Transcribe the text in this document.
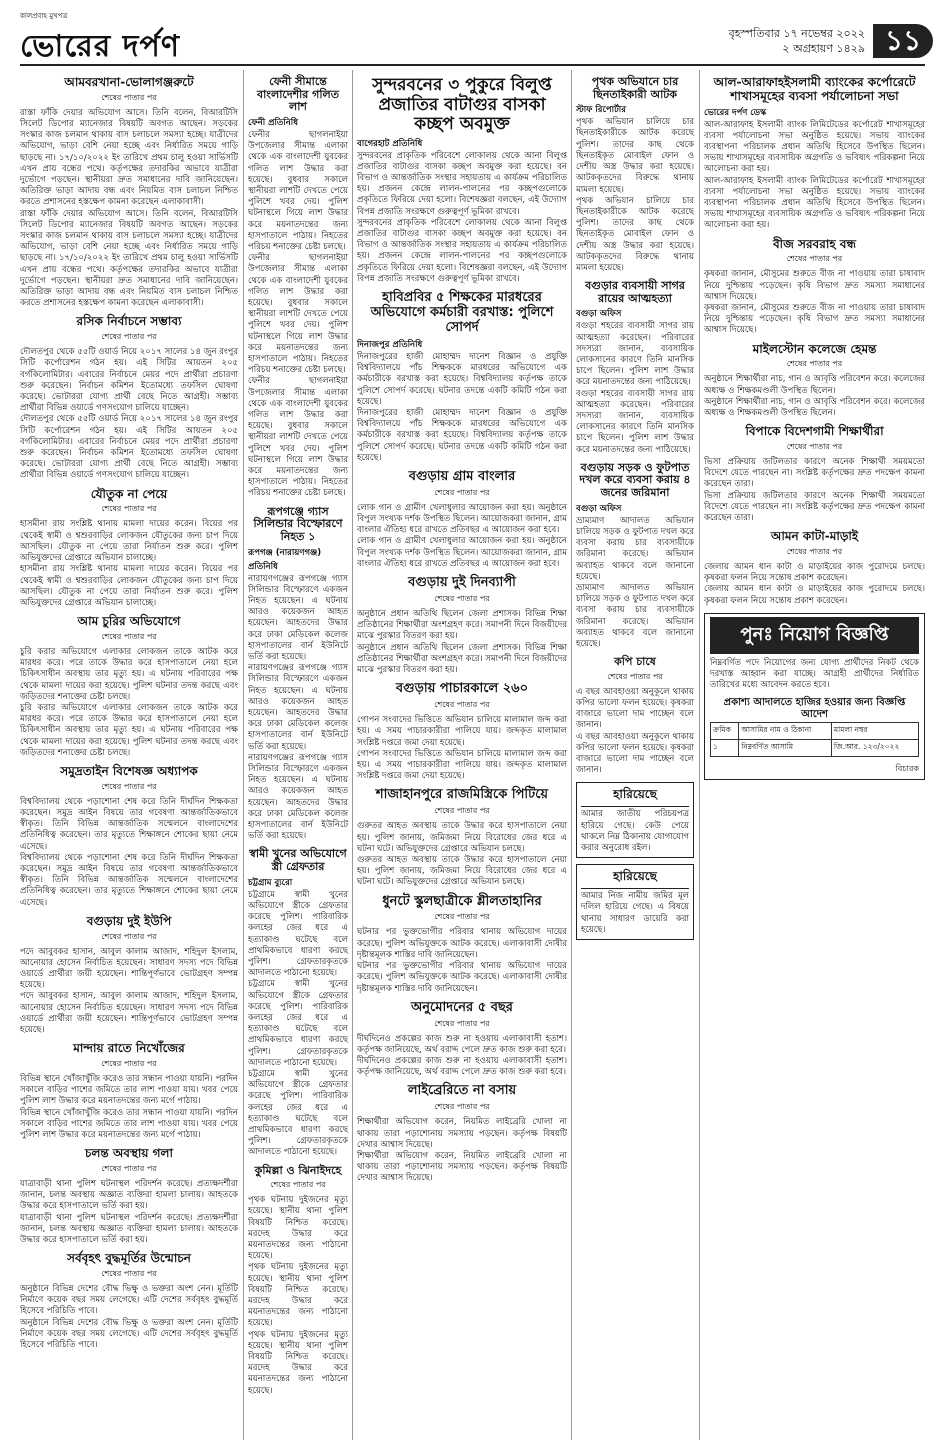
কালপ্রবাহ মুখপত্র
ভোরের দর্পণ	বৃহস্পতিবার ১৭ নভেম্বর ২০২২
২ অগ্রহায়ণ ১৪২৯ ১১
আমবরখানা-ভোলাগঞ্জরুটে
শেষের পাতার পর
রাস্তা ফাঁকি দেয়ার অভিযোগ আসে। তিনি বলেন, বিআরটিসি সিলেট ডিপোর ম্যানেজার বিষয়টি অবগত আছেন। সড়কের সংস্কার কাজ চলমান থাকায় বাস চলাচলে সমস্যা হচ্ছে। যাত্রীদের অভিযোগ, ভাড়া বেশি নেয়া হচ্ছে এবং নির্ধারিত সময়ে গাড়ি ছাড়ছে না। ১৭/১০/২০২২ ইং তারিখে প্রথম চালু হওয়া সার্ভিসটি এখন প্রায় বন্ধের পথে। কর্তৃপক্ষের তদারকির অভাবে যাত্রীরা দুর্ভোগে পড়ছেন। স্থানীয়রা দ্রুত সমাধানের দাবি জানিয়েছেন। অতিরিক্ত ভাড়া আদায় বন্ধ এবং নিয়মিত বাস চলাচল নিশ্চিত করতে প্রশাসনের হস্তক্ষেপ কামনা করেছেন এলাকাবাসী।
রাস্তা ফাঁকি দেয়ার অভিযোগ আসে। তিনি বলেন, বিআরটিসি সিলেট ডিপোর ম্যানেজার বিষয়টি অবগত আছেন। সড়কের সংস্কার কাজ চলমান থাকায় বাস চলাচলে সমস্যা হচ্ছে। যাত্রীদের অভিযোগ, ভাড়া বেশি নেয়া হচ্ছে এবং নির্ধারিত সময়ে গাড়ি ছাড়ছে না। ১৭/১০/২০২২ ইং তারিখে প্রথম চালু হওয়া সার্ভিসটি এখন প্রায় বন্ধের পথে। কর্তৃপক্ষের তদারকির অভাবে যাত্রীরা দুর্ভোগে পড়ছেন। স্থানীয়রা দ্রুত সমাধানের দাবি জানিয়েছেন। অতিরিক্ত ভাড়া আদায় বন্ধ এবং নিয়মিত বাস চলাচল নিশ্চিত করতে প্রশাসনের হস্তক্ষেপ কামনা করেছেন এলাকাবাসী।
রসিক নির্বাচনে সম্ভাব্য
শেষের পাতার পর
দৌলতপুর থেকে ৫৫টি ওয়ার্ড নিয়ে ২০১৭ সালের ১৪ জুন রংপুর সিটি কর্পোরেশন গঠন হয়। এই সিটির আয়তন ২০৫ বর্গকিলোমিটার। এবারের নির্বাচনে মেয়র পদে প্রার্থীরা প্রচারণা শুরু করেছেন। নির্বাচন কমিশন ইতোমধ্যে তফসিল ঘোষণা করেছে। ভোটাররা যোগ্য প্রার্থী বেছে নিতে আগ্রহী। সম্ভাব্য প্রার্থীরা বিভিন্ন ওয়ার্ডে গণসংযোগ চালিয়ে যাচ্ছেন।
দৌলতপুর থেকে ৫৫টি ওয়ার্ড নিয়ে ২০১৭ সালের ১৪ জুন রংপুর সিটি কর্পোরেশন গঠন হয়। এই সিটির আয়তন ২০৫ বর্গকিলোমিটার। এবারের নির্বাচনে মেয়র পদে প্রার্থীরা প্রচারণা শুরু করেছেন। নির্বাচন কমিশন ইতোমধ্যে তফসিল ঘোষণা করেছে। ভোটাররা যোগ্য প্রার্থী বেছে নিতে আগ্রহী। সম্ভাব্য প্রার্থীরা বিভিন্ন ওয়ার্ডে গণসংযোগ চালিয়ে যাচ্ছেন।
যৌতুক না পেয়ে
শেষের পাতার পর
হাসমীনা রায় সংশ্লিষ্ট থানায় মামলা দায়ের করেন। বিয়ের পর থেকেই স্বামী ও শ্বশুরবাড়ির লোকজন যৌতুকের জন্য চাপ দিয়ে আসছিল। যৌতুক না পেয়ে তারা নির্যাতন শুরু করে। পুলিশ অভিযুক্তদের গ্রেপ্তারে অভিযান চালাচ্ছে।
হাসমীনা রায় সংশ্লিষ্ট থানায় মামলা দায়ের করেন। বিয়ের পর থেকেই স্বামী ও শ্বশুরবাড়ির লোকজন যৌতুকের জন্য চাপ দিয়ে আসছিল। যৌতুক না পেয়ে তারা নির্যাতন শুরু করে। পুলিশ অভিযুক্তদের গ্রেপ্তারে অভিযান চালাচ্ছে।
আম চুরির অভিযোগে
শেষের পাতার পর
চুরি করার অভিযোগে এলাকার লোকজন তাকে আটক করে মারধর করে। পরে তাকে উদ্ধার করে হাসপাতালে নেয়া হলে চিকিৎসাধীন অবস্থায় তার মৃত্যু হয়। এ ঘটনায় পরিবারের পক্ষ থেকে মামলা দায়ের করা হয়েছে। পুলিশ ঘটনার তদন্ত করছে এবং জড়িতদের শনাক্তের চেষ্টা চলছে।
চুরি করার অভিযোগে এলাকার লোকজন তাকে আটক করে মারধর করে। পরে তাকে উদ্ধার করে হাসপাতালে নেয়া হলে চিকিৎসাধীন অবস্থায় তার মৃত্যু হয়। এ ঘটনায় পরিবারের পক্ষ থেকে মামলা দায়ের করা হয়েছে। পুলিশ ঘটনার তদন্ত করছে এবং জড়িতদের শনাক্তের চেষ্টা চলছে।
সমুদ্রতাইন বিশেষজ্ঞ অধ্যাপক
শেষের পাতার পর
বিশ্ববিদ্যালয় থেকে পড়াশোনা শেষ করে তিনি দীর্ঘদিন শিক্ষকতা করেছেন। সমুদ্র আইন বিষয়ে তার গবেষণা আন্তর্জাতিকভাবে স্বীকৃত। তিনি বিভিন্ন আন্তর্জাতিক সম্মেলনে বাংলাদেশের প্রতিনিধিত্ব করেছেন। তার মৃত্যুতে শিক্ষাঙ্গনে শোকের ছায়া নেমে এসেছে।
বিশ্ববিদ্যালয় থেকে পড়াশোনা শেষ করে তিনি দীর্ঘদিন শিক্ষকতা করেছেন। সমুদ্র আইন বিষয়ে তার গবেষণা আন্তর্জাতিকভাবে স্বীকৃত। তিনি বিভিন্ন আন্তর্জাতিক সম্মেলনে বাংলাদেশের প্রতিনিধিত্ব করেছেন। তার মৃত্যুতে শিক্ষাঙ্গনে শোকের ছায়া নেমে এসেছে।
বগুড়ায় দুই ইউপি
শেষের পাতার পর
পদে আবুবকর হাসান, আবুল কালাম আজাদ, শহিদুল ইসলাম, আনোয়ার হোসেন নির্বাচিত হয়েছেন। সাধারণ সদস্য পদে বিভিন্ন ওয়ার্ডে প্রার্থীরা জয়ী হয়েছেন। শান্তিপূর্ণভাবে ভোটগ্রহণ সম্পন্ন হয়েছে।
পদে আবুবকর হাসান, আবুল কালাম আজাদ, শহিদুল ইসলাম, আনোয়ার হোসেন নির্বাচিত হয়েছেন। সাধারণ সদস্য পদে বিভিন্ন ওয়ার্ডে প্রার্থীরা জয়ী হয়েছেন। শান্তিপূর্ণভাবে ভোটগ্রহণ সম্পন্ন হয়েছে।
মান্দায় রাতে নিখোঁজের
শেষের পাতার পর
বিভিন্ন স্থানে খোঁজাখুঁজি করেও তার সন্ধান পাওয়া যায়নি। পরদিন সকালে বাড়ির পাশের জমিতে তার লাশ পাওয়া যায়। খবর পেয়ে পুলিশ লাশ উদ্ধার করে ময়নাতদন্তের জন্য মর্গে পাঠায়।
বিভিন্ন স্থানে খোঁজাখুঁজি করেও তার সন্ধান পাওয়া যায়নি। পরদিন সকালে বাড়ির পাশের জমিতে তার লাশ পাওয়া যায়। খবর পেয়ে পুলিশ লাশ উদ্ধার করে ময়নাতদন্তের জন্য মর্গে পাঠায়।
চলন্ত অবস্থায় গলা
শেষের পাতার পর
যাত্রাবাড়ী থানা পুলিশ ঘটনাস্থল পরিদর্শন করেছে। প্রত্যক্ষদর্শীরা জানান, চলন্ত অবস্থায় অজ্ঞাত ব্যক্তিরা হামলা চালায়। আহতকে উদ্ধার করে হাসপাতালে ভর্তি করা হয়।
যাত্রাবাড়ী থানা পুলিশ ঘটনাস্থল পরিদর্শন করেছে। প্রত্যক্ষদর্শীরা জানান, চলন্ত অবস্থায় অজ্ঞাত ব্যক্তিরা হামলা চালায়। আহতকে উদ্ধার করে হাসপাতালে ভর্তি করা হয়।
সর্ববৃহৎ বুদ্ধমূর্তির উন্মোচন
শেষের পাতার পর
অনুষ্ঠানে বিভিন্ন দেশের বৌদ্ধ ভিক্ষু ও ভক্তরা অংশ নেন। মূর্তিটি নির্মাণে কয়েক বছর সময় লেগেছে। এটি দেশের সর্ববৃহৎ বুদ্ধমূর্তি হিসেবে পরিচিতি পাবে।
অনুষ্ঠানে বিভিন্ন দেশের বৌদ্ধ ভিক্ষু ও ভক্তরা অংশ নেন। মূর্তিটি নির্মাণে কয়েক বছর সময় লেগেছে। এটি দেশের সর্ববৃহৎ বুদ্ধমূর্তি হিসেবে পরিচিতি পাবে।
ফেনী সীমান্তে বাংলাদেশীর গলিত লাশ
ফেনী প্রতিনিধি
ফেনীর ছাগলনাইয়া উপজেলার সীমান্ত এলাকা থেকে এক বাংলাদেশী যুবকের গলিত লাশ উদ্ধার করা হয়েছে। বুধবার সকালে স্থানীয়রা লাশটি দেখতে পেয়ে পুলিশে খবর দেয়। পুলিশ ঘটনাস্থলে গিয়ে লাশ উদ্ধার করে ময়নাতদন্তের জন্য হাসপাতালে পাঠায়। নিহতের পরিচয় শনাক্তের চেষ্টা চলছে।
ফেনীর ছাগলনাইয়া উপজেলার সীমান্ত এলাকা থেকে এক বাংলাদেশী যুবকের গলিত লাশ উদ্ধার করা হয়েছে। বুধবার সকালে স্থানীয়রা লাশটি দেখতে পেয়ে পুলিশে খবর দেয়। পুলিশ ঘটনাস্থলে গিয়ে লাশ উদ্ধার করে ময়নাতদন্তের জন্য হাসপাতালে পাঠায়। নিহতের পরিচয় শনাক্তের চেষ্টা চলছে।
ফেনীর ছাগলনাইয়া উপজেলার সীমান্ত এলাকা থেকে এক বাংলাদেশী যুবকের গলিত লাশ উদ্ধার করা হয়েছে। বুধবার সকালে স্থানীয়রা লাশটি দেখতে পেয়ে পুলিশে খবর দেয়। পুলিশ ঘটনাস্থলে গিয়ে লাশ উদ্ধার করে ময়নাতদন্তের জন্য হাসপাতালে পাঠায়। নিহতের পরিচয় শনাক্তের চেষ্টা চলছে।
রূপগঞ্জে গ্যাস সিলিন্ডার বিস্ফোরণে নিহত ১
রূপগঞ্জ (নারায়ণগঞ্জ) প্রতিনিধি
নারায়ণগঞ্জের রূপগঞ্জে গ্যাস সিলিন্ডার বিস্ফোরণে একজন নিহত হয়েছেন। এ ঘটনায় আরও কয়েকজন আহত হয়েছেন। আহতদের উদ্ধার করে ঢাকা মেডিকেল কলেজ হাসপাতালের বার্ন ইউনিটে ভর্তি করা হয়েছে।
নারায়ণগঞ্জের রূপগঞ্জে গ্যাস সিলিন্ডার বিস্ফোরণে একজন নিহত হয়েছেন। এ ঘটনায় আরও কয়েকজন আহত হয়েছেন। আহতদের উদ্ধার করে ঢাকা মেডিকেল কলেজ হাসপাতালের বার্ন ইউনিটে ভর্তি করা হয়েছে।
নারায়ণগঞ্জের রূপগঞ্জে গ্যাস সিলিন্ডার বিস্ফোরণে একজন নিহত হয়েছেন। এ ঘটনায় আরও কয়েকজন আহত হয়েছেন। আহতদের উদ্ধার করে ঢাকা মেডিকেল কলেজ হাসপাতালের বার্ন ইউনিটে ভর্তি করা হয়েছে।
স্বামী খুনের অভিযোগে স্ত্রী গ্রেফতার
চট্টগ্রাম ব্যুরো
চট্টগ্রামে স্বামী খুনের অভিযোগে স্ত্রীকে গ্রেফতার করেছে পুলিশ। পারিবারিক কলহের জের ধরে এ হত্যাকাণ্ড ঘটেছে বলে প্রাথমিকভাবে ধারণা করছে পুলিশ। গ্রেফতারকৃতকে আদালতে পাঠানো হয়েছে।
চট্টগ্রামে স্বামী খুনের অভিযোগে স্ত্রীকে গ্রেফতার করেছে পুলিশ। পারিবারিক কলহের জের ধরে এ হত্যাকাণ্ড ঘটেছে বলে প্রাথমিকভাবে ধারণা করছে পুলিশ। গ্রেফতারকৃতকে আদালতে পাঠানো হয়েছে।
চট্টগ্রামে স্বামী খুনের অভিযোগে স্ত্রীকে গ্রেফতার করেছে পুলিশ। পারিবারিক কলহের জের ধরে এ হত্যাকাণ্ড ঘটেছে বলে প্রাথমিকভাবে ধারণা করছে পুলিশ। গ্রেফতারকৃতকে আদালতে পাঠানো হয়েছে।
কুমিল্লা ও ঝিনাইদহে
শেষের পাতার পর
পৃথক ঘটনায় দুইজনের মৃত্যু হয়েছে। স্থানীয় থানা পুলিশ বিষয়টি নিশ্চিত করেছে। মরদেহ উদ্ধার করে ময়নাতদন্তের জন্য পাঠানো হয়েছে।
পৃথক ঘটনায় দুইজনের মৃত্যু হয়েছে। স্থানীয় থানা পুলিশ বিষয়টি নিশ্চিত করেছে। মরদেহ উদ্ধার করে ময়নাতদন্তের জন্য পাঠানো হয়েছে।
পৃথক ঘটনায় দুইজনের মৃত্যু হয়েছে। স্থানীয় থানা পুলিশ বিষয়টি নিশ্চিত করেছে। মরদেহ উদ্ধার করে ময়নাতদন্তের জন্য পাঠানো হয়েছে।
সুন্দরবনের ৩ পুকুরে বিলুপ্ত প্রজাতির বাটাগুর বাসকা কচ্ছপ অবমুক্ত
বাগেরহাট প্রতিনিধি
সুন্দরবনের প্রাকৃতিক পরিবেশে লোকালয় থেকে আনা বিলুপ্ত প্রজাতির বাটাগুর বাসকা কচ্ছপ অবমুক্ত করা হয়েছে। বন বিভাগ ও আন্তর্জাতিক সংস্থার সহায়তায় এ কার্যক্রম পরিচালিত হয়। প্রজনন কেন্দ্রে লালন-পালনের পর কচ্ছপগুলোকে প্রকৃতিতে ফিরিয়ে দেয়া হলো। বিশেষজ্ঞরা বলছেন, এই উদ্যোগ বিপন্ন প্রজাতি সংরক্ষণে গুরুত্বপূর্ণ ভূমিকা রাখবে।
সুন্দরবনের প্রাকৃতিক পরিবেশে লোকালয় থেকে আনা বিলুপ্ত প্রজাতির বাটাগুর বাসকা কচ্ছপ অবমুক্ত করা হয়েছে। বন বিভাগ ও আন্তর্জাতিক সংস্থার সহায়তায় এ কার্যক্রম পরিচালিত হয়। প্রজনন কেন্দ্রে লালন-পালনের পর কচ্ছপগুলোকে প্রকৃতিতে ফিরিয়ে দেয়া হলো। বিশেষজ্ঞরা বলছেন, এই উদ্যোগ বিপন্ন প্রজাতি সংরক্ষণে গুরুত্বপূর্ণ ভূমিকা রাখবে।
হাবিপ্রবির ৫ শিক্ষকের মারধরের অভিযোগে কর্মচারী বরখাস্ত: পুলিশে সোপর্দ
দিনাজপুর প্রতিনিধি
দিনাজপুরের হাজী মোহাম্মদ দানেশ বিজ্ঞান ও প্রযুক্তি বিশ্ববিদ্যালয়ে পাঁচ শিক্ষককে মারধরের অভিযোগে এক কর্মচারীকে বরখাস্ত করা হয়েছে। বিশ্ববিদ্যালয় কর্তৃপক্ষ তাকে পুলিশে সোপর্দ করেছে। ঘটনার তদন্তে একটি কমিটি গঠন করা হয়েছে।
দিনাজপুরের হাজী মোহাম্মদ দানেশ বিজ্ঞান ও প্রযুক্তি বিশ্ববিদ্যালয়ে পাঁচ শিক্ষককে মারধরের অভিযোগে এক কর্মচারীকে বরখাস্ত করা হয়েছে। বিশ্ববিদ্যালয় কর্তৃপক্ষ তাকে পুলিশে সোপর্দ করেছে। ঘটনার তদন্তে একটি কমিটি গঠন করা হয়েছে।
বগুড়ায় গ্রাম বাংলার
শেষের পাতার পর
লোক গান ও গ্রামীণ খেলাধুলার আয়োজন করা হয়। অনুষ্ঠানে বিপুল সংখ্যক দর্শক উপস্থিত ছিলেন। আয়োজকরা জানান, গ্রাম বাংলার ঐতিহ্য ধরে রাখতে প্রতিবছর এ আয়োজন করা হবে।
লোক গান ও গ্রামীণ খেলাধুলার আয়োজন করা হয়। অনুষ্ঠানে বিপুল সংখ্যক দর্শক উপস্থিত ছিলেন। আয়োজকরা জানান, গ্রাম বাংলার ঐতিহ্য ধরে রাখতে প্রতিবছর এ আয়োজন করা হবে।
বগুড়ায় দুই দিনব্যাপী
শেষের পাতার পর
অনুষ্ঠানে প্রধান অতিথি ছিলেন জেলা প্রশাসক। বিভিন্ন শিক্ষা প্রতিষ্ঠানের শিক্ষার্থীরা অংশগ্রহণ করে। সমাপনী দিনে বিজয়ীদের মাঝে পুরস্কার বিতরণ করা হয়।
অনুষ্ঠানে প্রধান অতিথি ছিলেন জেলা প্রশাসক। বিভিন্ন শিক্ষা প্রতিষ্ঠানের শিক্ষার্থীরা অংশগ্রহণ করে। সমাপনী দিনে বিজয়ীদের মাঝে পুরস্কার বিতরণ করা হয়।
বগুড়ায় পাচারকালে ২৬০
শেষের পাতার পর
গোপন সংবাদের ভিত্তিতে অভিযান চালিয়ে মালামাল জব্দ করা হয়। এ সময় পাচারকারীরা পালিয়ে যায়। জব্দকৃত মালামাল সংশ্লিষ্ট দপ্তরে জমা দেয়া হয়েছে।
গোপন সংবাদের ভিত্তিতে অভিযান চালিয়ে মালামাল জব্দ করা হয়। এ সময় পাচারকারীরা পালিয়ে যায়। জব্দকৃত মালামাল সংশ্লিষ্ট দপ্তরে জমা দেয়া হয়েছে।
শাজাহানপুরে রাজমিস্ত্রিকে পিটিয়ে
শেষের পাতার পর
গুরুতর আহত অবস্থায় তাকে উদ্ধার করে হাসপাতালে নেয়া হয়। পুলিশ জানায়, জমিজমা নিয়ে বিরোধের জের ধরে এ ঘটনা ঘটে। অভিযুক্তদের গ্রেপ্তারে অভিযান চলছে।
গুরুতর আহত অবস্থায় তাকে উদ্ধার করে হাসপাতালে নেয়া হয়। পুলিশ জানায়, জমিজমা নিয়ে বিরোধের জের ধরে এ ঘটনা ঘটে। অভিযুক্তদের গ্রেপ্তারে অভিযান চলছে।
ধুনটে স্কুলছাত্রীকে শ্লীলতাহানির
শেষের পাতার পর
ঘটনার পর ভুক্তভোগীর পরিবার থানায় অভিযোগ দায়ের করেছে। পুলিশ অভিযুক্তকে আটক করেছে। এলাকাবাসী দোষীর দৃষ্টান্তমূলক শাস্তির দাবি জানিয়েছেন।
ঘটনার পর ভুক্তভোগীর পরিবার থানায় অভিযোগ দায়ের করেছে। পুলিশ অভিযুক্তকে আটক করেছে। এলাকাবাসী দোষীর দৃষ্টান্তমূলক শাস্তির দাবি জানিয়েছেন।
অনুমোদনের ৫ বছর
শেষের পাতার পর
দীর্ঘদিনেও প্রকল্পের কাজ শুরু না হওয়ায় এলাকাবাসী হতাশ। কর্তৃপক্ষ জানিয়েছে, অর্থ বরাদ্দ পেলে দ্রুত কাজ শুরু করা হবে।
দীর্ঘদিনেও প্রকল্পের কাজ শুরু না হওয়ায় এলাকাবাসী হতাশ। কর্তৃপক্ষ জানিয়েছে, অর্থ বরাদ্দ পেলে দ্রুত কাজ শুরু করা হবে।
লাইব্রেরিতে না বসায়
শেষের পাতার পর
শিক্ষার্থীরা অভিযোগ করেন, নিয়মিত লাইব্রেরি খোলা না থাকায় তারা পড়াশোনায় সমস্যায় পড়ছেন। কর্তৃপক্ষ বিষয়টি দেখার আশ্বাস দিয়েছে।
শিক্ষার্থীরা অভিযোগ করেন, নিয়মিত লাইব্রেরি খোলা না থাকায় তারা পড়াশোনায় সমস্যায় পড়ছেন। কর্তৃপক্ষ বিষয়টি দেখার আশ্বাস দিয়েছে।
পৃথক অভিযানে চার ছিনতাইকারী আটক
স্টাফ রিপোর্টার
পৃথক অভিযান চালিয়ে চার ছিনতাইকারীকে আটক করেছে পুলিশ। তাদের কাছ থেকে ছিনতাইকৃত মোবাইল ফোন ও দেশীয় অস্ত্র উদ্ধার করা হয়েছে। আটককৃতদের বিরুদ্ধে থানায় মামলা হয়েছে।
পৃথক অভিযান চালিয়ে চার ছিনতাইকারীকে আটক করেছে পুলিশ। তাদের কাছ থেকে ছিনতাইকৃত মোবাইল ফোন ও দেশীয় অস্ত্র উদ্ধার করা হয়েছে। আটককৃতদের বিরুদ্ধে থানায় মামলা হয়েছে।
বগুড়ার ব্যবসায়ী সাগর রায়ের আত্মহত্যা
বগুড়া অফিস
বগুড়া শহরের ব্যবসায়ী সাগর রায় আত্মহত্যা করেছেন। পরিবারের সদস্যরা জানান, ব্যবসায়িক লোকসানের কারণে তিনি মানসিক চাপে ছিলেন। পুলিশ লাশ উদ্ধার করে ময়নাতদন্তের জন্য পাঠিয়েছে।
বগুড়া শহরের ব্যবসায়ী সাগর রায় আত্মহত্যা করেছেন। পরিবারের সদস্যরা জানান, ব্যবসায়িক লোকসানের কারণে তিনি মানসিক চাপে ছিলেন। পুলিশ লাশ উদ্ধার করে ময়নাতদন্তের জন্য পাঠিয়েছে।
বগুড়ায় সড়ক ও ফুটপাত দখল করে ব্যবসা করায় ৪ জনের জরিমানা
বগুড়া অফিস
ভ্রাম্যমাণ আদালত অভিযান চালিয়ে সড়ক ও ফুটপাত দখল করে ব্যবসা করায় চার ব্যবসায়ীকে জরিমানা করেছে। অভিযান অব্যাহত থাকবে বলে জানানো হয়েছে।
ভ্রাম্যমাণ আদালত অভিযান চালিয়ে সড়ক ও ফুটপাত দখল করে ব্যবসা করায় চার ব্যবসায়ীকে জরিমানা করেছে। অভিযান অব্যাহত থাকবে বলে জানানো হয়েছে।
কপি চাষে
শেষের পাতার পর
এ বছর আবহাওয়া অনুকূলে থাকায় কপির ভালো ফলন হয়েছে। কৃষকরা বাজারে ভালো দাম পাচ্ছেন বলে জানান।
এ বছর আবহাওয়া অনুকূলে থাকায় কপির ভালো ফলন হয়েছে। কৃষকরা বাজারে ভালো দাম পাচ্ছেন বলে জানান।
হারিয়েছে
আমার জাতীয় পরিচয়পত্র হারিয়ে গেছে। কেউ পেয়ে থাকলে নিম্ন ঠিকানায় যোগাযোগ করার অনুরোধ রইল।
হারিয়েছে
আমার নিজ নামীয় জমির মূল দলিল হারিয়ে গেছে। এ বিষয়ে থানায় সাধারণ ডায়েরি করা হয়েছে।
আল-আরাফাহইসলামী ব্যাংকের কর্পোরেটে শাখাসমূহের ব্যবসা পর্যালোচনা সভা
ভোরের দর্পণ ডেস্ক
আল-আরাফাহ ইসলামী ব্যাংক লিমিটেডের কর্পোরেট শাখাসমূহের ব্যবসা পর্যালোচনা সভা অনুষ্ঠিত হয়েছে। সভায় ব্যাংকের ব্যবস্থাপনা পরিচালক প্রধান অতিথি হিসেবে উপস্থিত ছিলেন। সভায় শাখাসমূহের ব্যবসায়িক অগ্রগতি ও ভবিষ্যৎ পরিকল্পনা নিয়ে আলোচনা করা হয়।
আল-আরাফাহ ইসলামী ব্যাংক লিমিটেডের কর্পোরেট শাখাসমূহের ব্যবসা পর্যালোচনা সভা অনুষ্ঠিত হয়েছে। সভায় ব্যাংকের ব্যবস্থাপনা পরিচালক প্রধান অতিথি হিসেবে উপস্থিত ছিলেন। সভায় শাখাসমূহের ব্যবসায়িক অগ্রগতি ও ভবিষ্যৎ পরিকল্পনা নিয়ে আলোচনা করা হয়।
বীজ সরবরাহ বন্ধ
শেষের পাতার পর
কৃষকরা জানান, মৌসুমের শুরুতে বীজ না পাওয়ায় তারা চাষাবাদ নিয়ে দুশ্চিন্তায় পড়েছেন। কৃষি বিভাগ দ্রুত সমস্যা সমাধানের আশ্বাস দিয়েছে।
কৃষকরা জানান, মৌসুমের শুরুতে বীজ না পাওয়ায় তারা চাষাবাদ নিয়ে দুশ্চিন্তায় পড়েছেন। কৃষি বিভাগ দ্রুত সমস্যা সমাধানের আশ্বাস দিয়েছে।
মাইলস্টোন কলেজে হেমন্ত
শেষের পাতার পর
অনুষ্ঠানে শিক্ষার্থীরা নাচ, গান ও আবৃত্তি পরিবেশন করে। কলেজের অধ্যক্ষ ও শিক্ষকমণ্ডলী উপস্থিত ছিলেন।
অনুষ্ঠানে শিক্ষার্থীরা নাচ, গান ও আবৃত্তি পরিবেশন করে। কলেজের অধ্যক্ষ ও শিক্ষকমণ্ডলী উপস্থিত ছিলেন।
বিপাকে বিদেশগামী শিক্ষার্থীরা
শেষের পাতার পর
ভিসা প্রক্রিয়ায় জটিলতার কারণে অনেক শিক্ষার্থী সময়মতো বিদেশে যেতে পারছেন না। সংশ্লিষ্ট কর্তৃপক্ষের দ্রুত পদক্ষেপ কামনা করেছেন তারা।
ভিসা প্রক্রিয়ায় জটিলতার কারণে অনেক শিক্ষার্থী সময়মতো বিদেশে যেতে পারছেন না। সংশ্লিষ্ট কর্তৃপক্ষের দ্রুত পদক্ষেপ কামনা করেছেন তারা।
আমন কাটা-মাড়াই
শেষের পাতার পর
জেলায় আমন ধান কাটা ও মাড়াইয়ের কাজ পুরোদমে চলছে। কৃষকরা ফলন নিয়ে সন্তোষ প্রকাশ করেছেন।
জেলায় আমন ধান কাটা ও মাড়াইয়ের কাজ পুরোদমে চলছে। কৃষকরা ফলন নিয়ে সন্তোষ প্রকাশ করেছেন।
পুনঃ নিয়োগ বিজ্ঞপ্তি
নিম্নবর্ণিত পদে নিয়োগের জন্য যোগ্য প্রার্থীদের নিকট থেকে দরখাস্ত আহ্বান করা যাচ্ছে। আগ্রহী প্রার্থীদের নির্ধারিত তারিখের মধ্যে আবেদন করতে হবে।
প্রকাশ্য আদালতে হাজির হওয়ার জন্য বিজ্ঞপ্তি আদেশ
ক্রমিক	আসামির নাম ও ঠিকানা	মামলা নম্বর
১	নিম্নবর্ণিত আসামি	জি.আর. ১২৩/২০২২
বিচারক
